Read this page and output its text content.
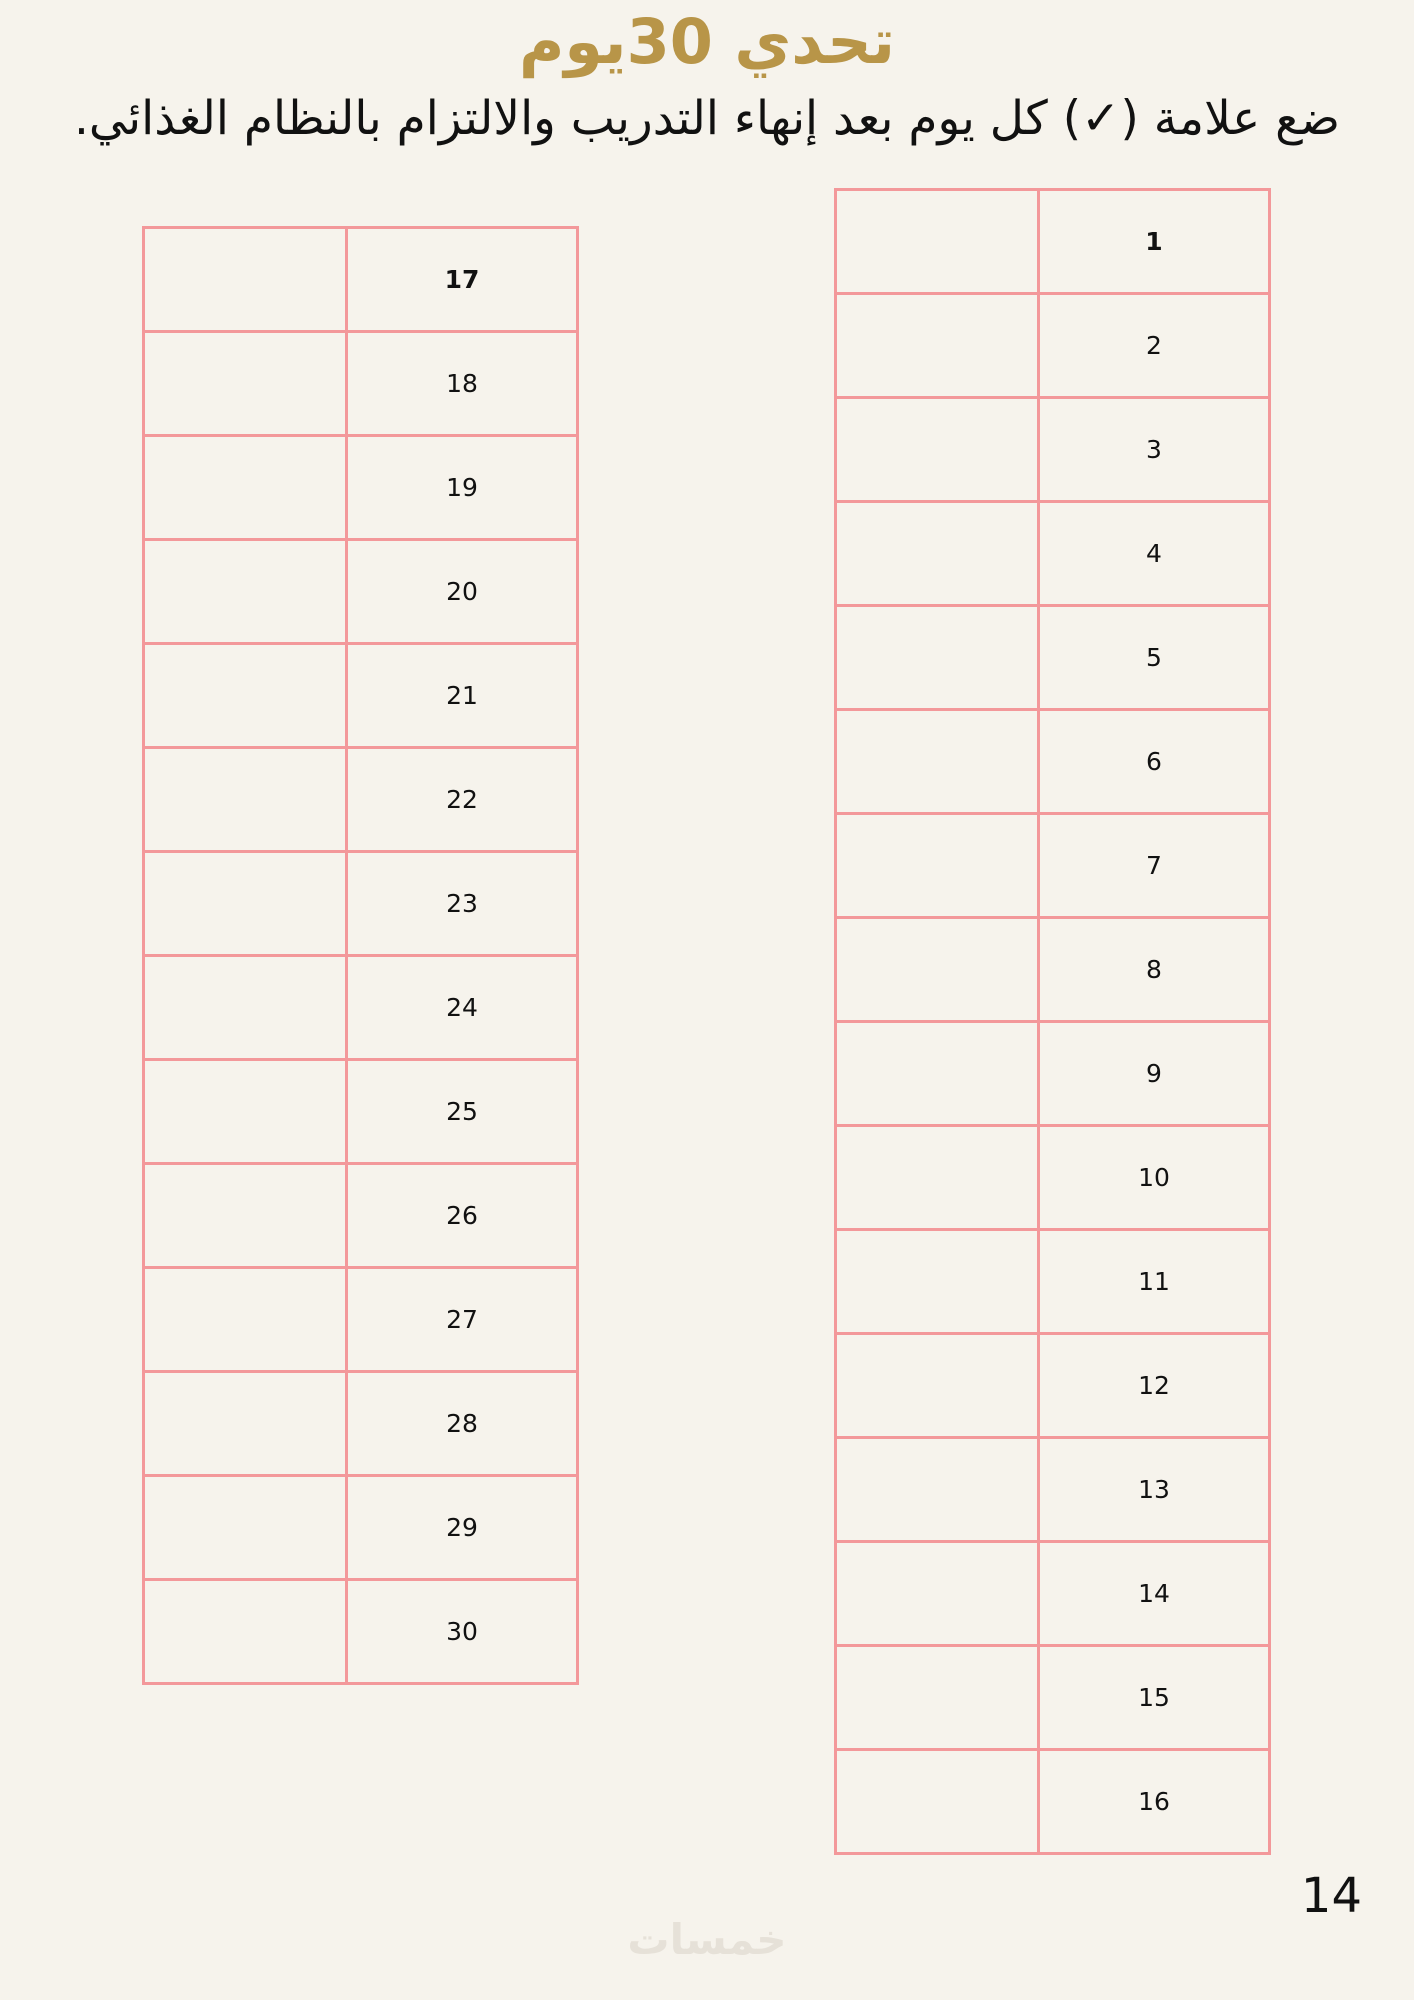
تحدي 30يوم
ضع علامة (✓) كل يوم بعد إنهاء التدريب والالتزام بالنظام الغذائي.
	1
	2
	3
	4
	5
	6
	7
	8
	9
	10
	11
	12
	13
	14
	15
	16
	17
	18
	19
	20
	21
	22
	23
	24
	25
	26
	27
	28
	29
	30
14
خمسات
